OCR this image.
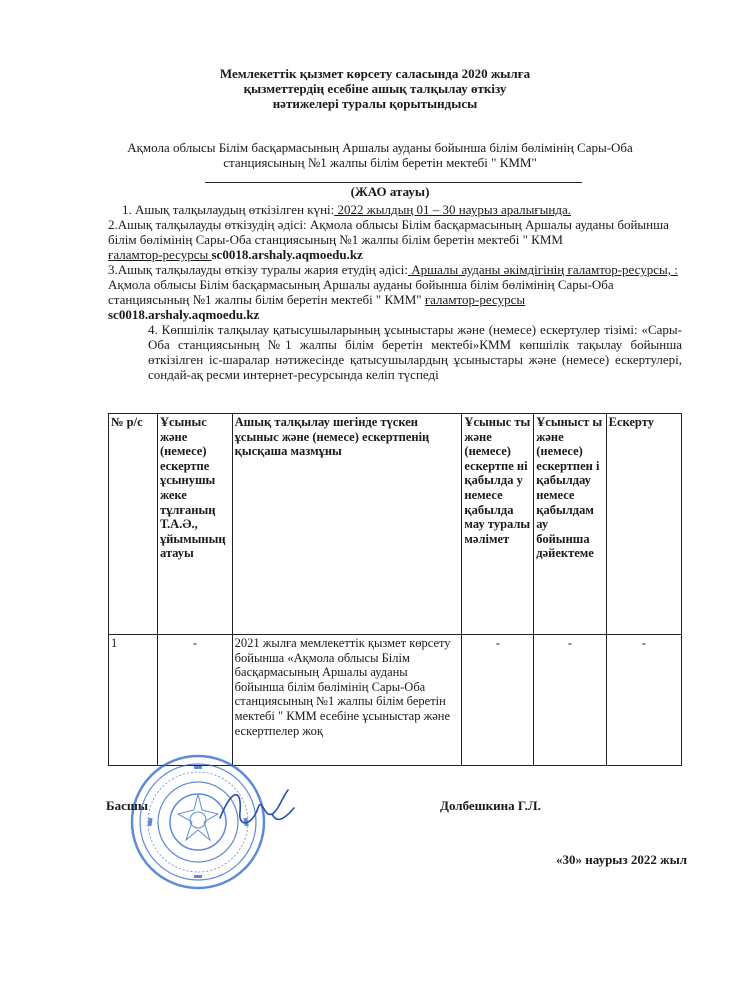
Мемлекеттік қызмет көрсету саласында 2020 жылға
қызметтердің есебіне ашық талқылау өткізу
нәтижелері туралы қорытындысы
Ақмола облысы Білім басқармасының Аршалы ауданы бойынша білім бөлімінің Сары-Оба станциясының №1 жалпы білім беретін мектебі " КММ"
(ЖАО атауы)

1. Ашық талқылаудың өткізілген күні: 2022 жылдың 01 – 30 наурыз аралығында.

2.Ашық талқылауды өткізудің әдісі: Ақмола облысы Білім басқармасының Аршалы ауданы бойынша білім бөлімінің Сары-Оба станциясының №1 жалпы білім беретін мектебі " КММ
ғаламтор-ресурсы sc0018.arshaly.aqmoedu.kz

3.Ашық талқылауды өткізу туралы жария етудің әдісі: Аршалы ауданы әкімдігінің ғаламтор-ресурсы, : Ақмола облысы Білім басқармасының Аршалы ауданы бойынша білім бөлімінің Сары-Оба станциясының №1 жалпы білім беретін мектебі " КММ" ғаламтор-ресурсы
sc0018.arshaly.aqmoedu.kz

4. Көпшілік талқылау қатысушыларының ұсыныстары және (немесе) ескертулер тізімі: «Сары-Оба станциясының №1 жалпы білім беретін мектебі»КММ көпшілік тақылау бойынша өткізілген іс-шаралар нәтижесінде қатысушылардың ұсыныстары және (немесе) ескертулері, сондай-ақ ресми интернет-ресурсында келіп түспеді

№ р/с	Ұсыныс және (немесе) ескертпе ұсынушы жеке тұлғаның Т.А.Ә., ұйымының атауы	Ашық талқылау шегінде түскен ұсыныс және (немесе) ескертпенің қысқаша мазмұны	Ұсыныс ты және (немесе) ескертпе ні қабылда у немесе қабылда мау туралы мәлімет	Ұсыныст ы және (немесе) ескертпен і қабылдау немесе қабылдам ау бойынша дәйектеме	Ескерту
1	-	2021 жылға мемлекеттік қызмет көрсету бойынша «Ақмола облысы Білім басқармасының Аршалы ауданы бойынша білім бөлімінің Сары-Оба станциясының №1 жалпы білім беретін мектебі " КММ есебіне ұсыныстар және ескертпелер жоқ	-	-	-
Басшы	Долбешкина Г.Л.
«30» наурыз 2022 жыл
